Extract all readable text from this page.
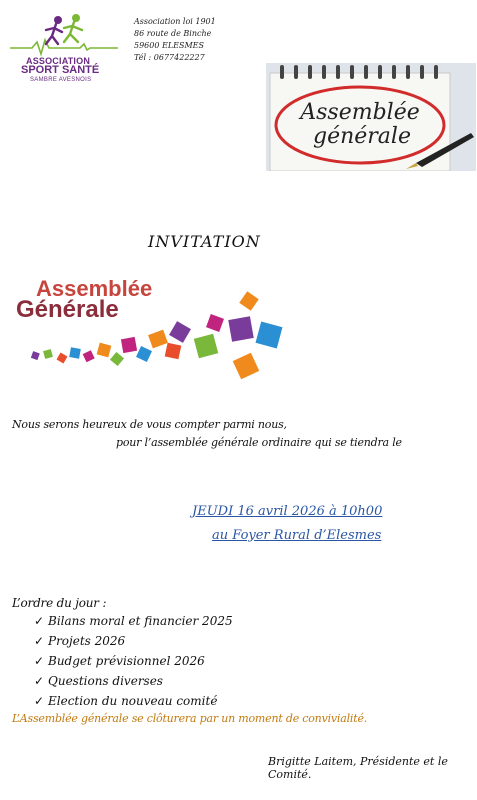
ASSOCIATION
SPORT SANTÉ
SAMBRE AVESNOIS
Association loi 1901
86 route de Binche
59600 ELESMES
Tél : 0677422227
Assemblée
générale
INVITATION
Assemblée
Générale
Nous serons heureux de vous compter parmi nous,
pour l’assemblée générale ordinaire qui se tiendra le
JEUDI 16 avril 2026 à 10h00
au Foyer Rural d’Elesmes
L’ordre du jour :
✓ Bilans moral et financier 2025
✓ Projets 2026
✓ Budget prévisionnel 2026
✓ Questions diverses
✓ Election du nouveau comité
L’Assemblée générale se clôturera par un moment de convivialité.
Brigitte Laitem, Présidente et le Comité.
